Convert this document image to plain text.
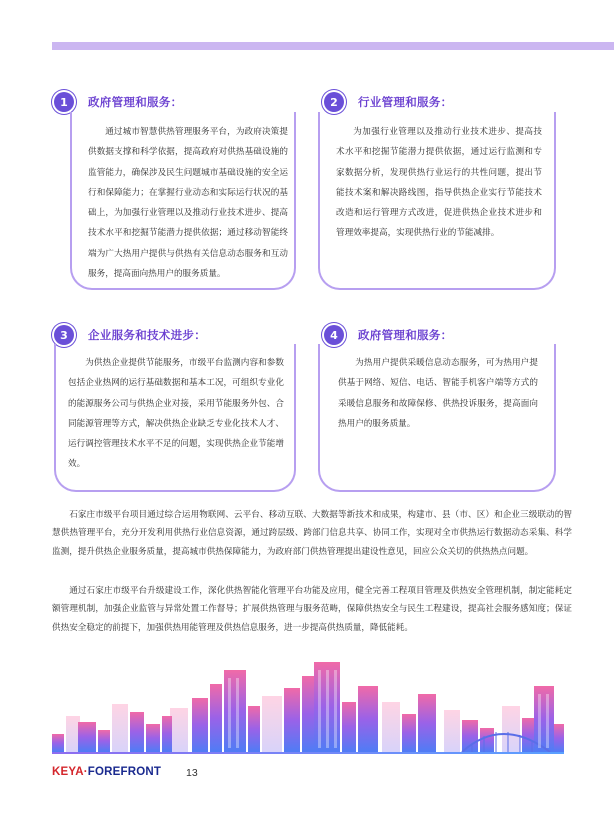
1	政府管理和服务：
通过城市智慧供热管理服务平台，为政府决策提供数据支撑和科学依据，提高政府对供热基础设施的监管能力，确保涉及民生问题城市基础设施的安全运行和保障能力；在掌握行业动态和实际运行状况的基础上，为加强行业管理以及推动行业技术进步、提高技术水平和挖掘节能潜力提供依据；通过移动智能终端为广大热用户提供与供热有关信息动态服务和互动服务，提高面向热用户的服务质量。
2	行业管理和服务：
为加强行业管理以及推动行业技术进步、提高技术水平和挖掘节能潜力提供依据，通过运行监测和专家数据分析，发现供热行业运行的共性问题，提出节能技术案和解决路线图，指导供热企业实行节能技术改造和运行管理方式改进，促进供热企业技术进步和管理效率提高，实现供热行业的节能减排。
3	企业服务和技术进步：
为供热企业提供节能服务，市级平台监测内容和参数包括企业热网的运行基础数据和基本工况，可组织专业化的能源服务公司与供热企业对接，采用节能服务外包、合同能源管理等方式，解决供热企业缺乏专业化技术人才、运行调控管理技术水平不足的问题，实现供热企业节能增效。
4	政府管理和服务：
为热用户提供采暖信息动态服务，可为热用户提供基于网络、短信、电话、智能手机客户端等方式的采暖信息服务和故障保修、供热投诉服务，提高面向热用户的服务质量。
石家庄市级平台项目通过综合运用物联网、云平台、移动互联、大数据等新技术和成果，构建市、县（市、区）和企业三级联动的智慧供热管理平台，充分开发利用供热行业信息资源，通过跨层级、跨部门信息共享、协同工作，实现对全市供热运行数据动态采集、科学监测，提升供热企业服务质量，提高城市供热保障能力，为政府部门供热管理提出建设性意见，回应公众关切的供热热点问题。
通过石家庄市级平台升级建设工作，深化供热智能化管理平台功能及应用，健全完善工程项目管理及供热安全管理机制，制定能耗定额管理机制，加强企业监管与异常处置工作督导；扩展供热管理与服务范畴，保障供热安全与民生工程建设，提高社会服务感知度；保证供热安全稳定的前提下，加强供热用能管理及供热信息服务，进一步提高供热质量，降低能耗。
KEYA·FOREFRONT 13
